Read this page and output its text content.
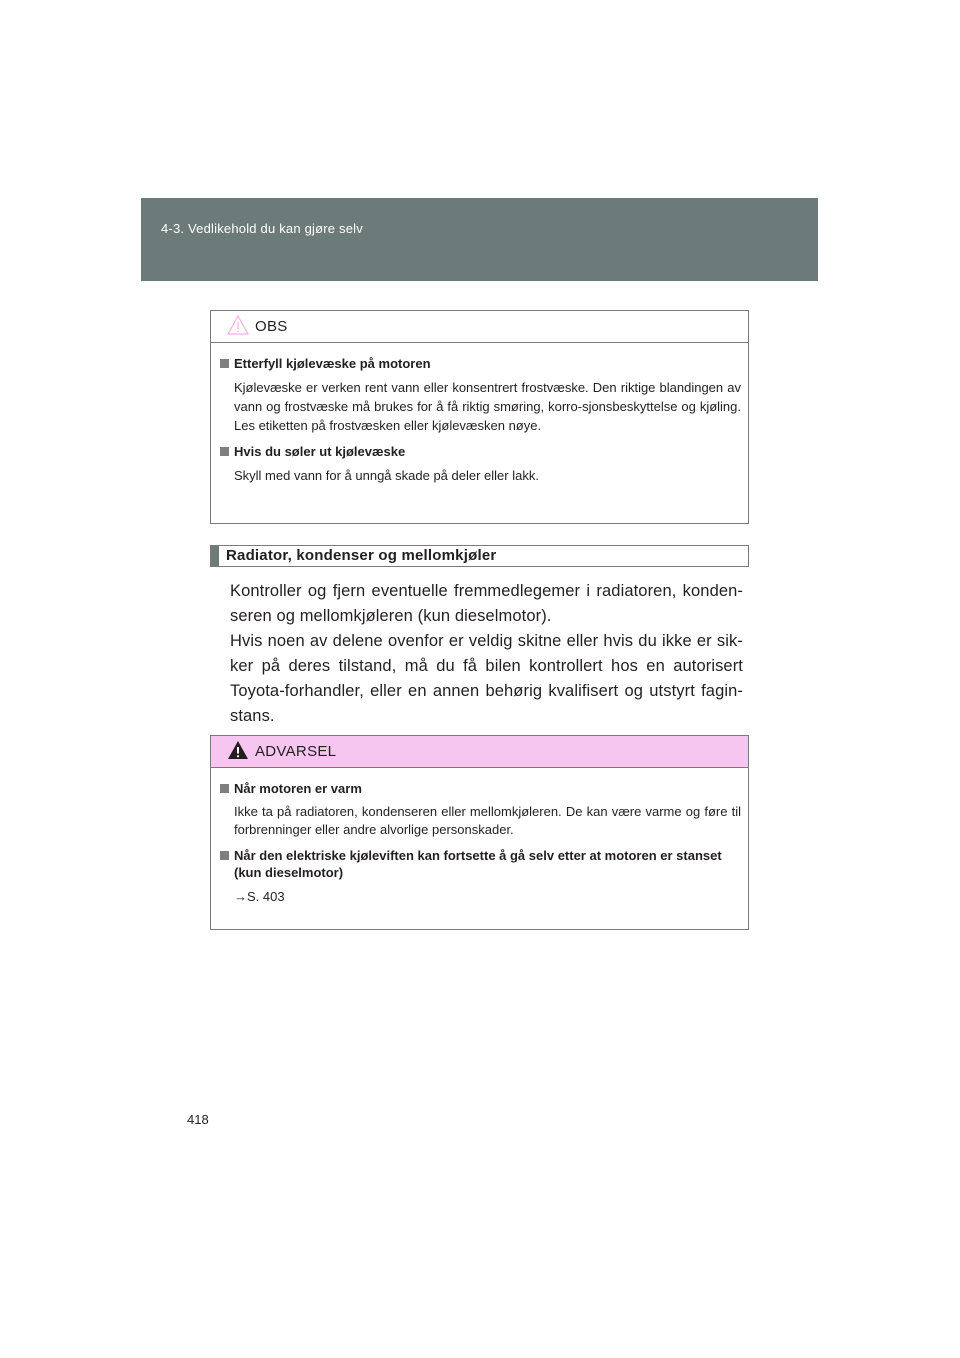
4-3. Vedlikehold du kan gjøre selv
OBS
Etterfyll kjølevæske på motoren
Kjølevæske er verken rent vann eller konsentrert frostvæske. Den riktige blandingen av vann og frostvæske må brukes for å få riktig smøring, korro-sjonsbeskyttelse og kjøling. Les etiketten på frostvæsken eller kjølevæsken nøye.
Hvis du søler ut kjølevæske
Skyll med vann for å unngå skade på deler eller lakk.
Radiator, kondenser og mellomkjøler

Kontroller og fjern eventuelle fremmedlegemer i radiatoren, konden-seren og mellomkjøleren (kun dieselmotor).

Hvis noen av delene ovenfor er veldig skitne eller hvis du ikke er sik-ker på deres tilstand, må du få bilen kontrollert hos en autorisert Toyota-forhandler, eller en annen behørig kvalifisert og utstyrt fagin-stans.

ADVARSEL
Når motoren er varm
Ikke ta på radiatoren, kondenseren eller mellomkjøleren. De kan være varme og føre til forbrenninger eller andre alvorlige personskader.
Når den elektriske kjøleviften kan fortsette å gå selv etter at motoren er stanset (kun dieselmotor)
→S. 403
418
